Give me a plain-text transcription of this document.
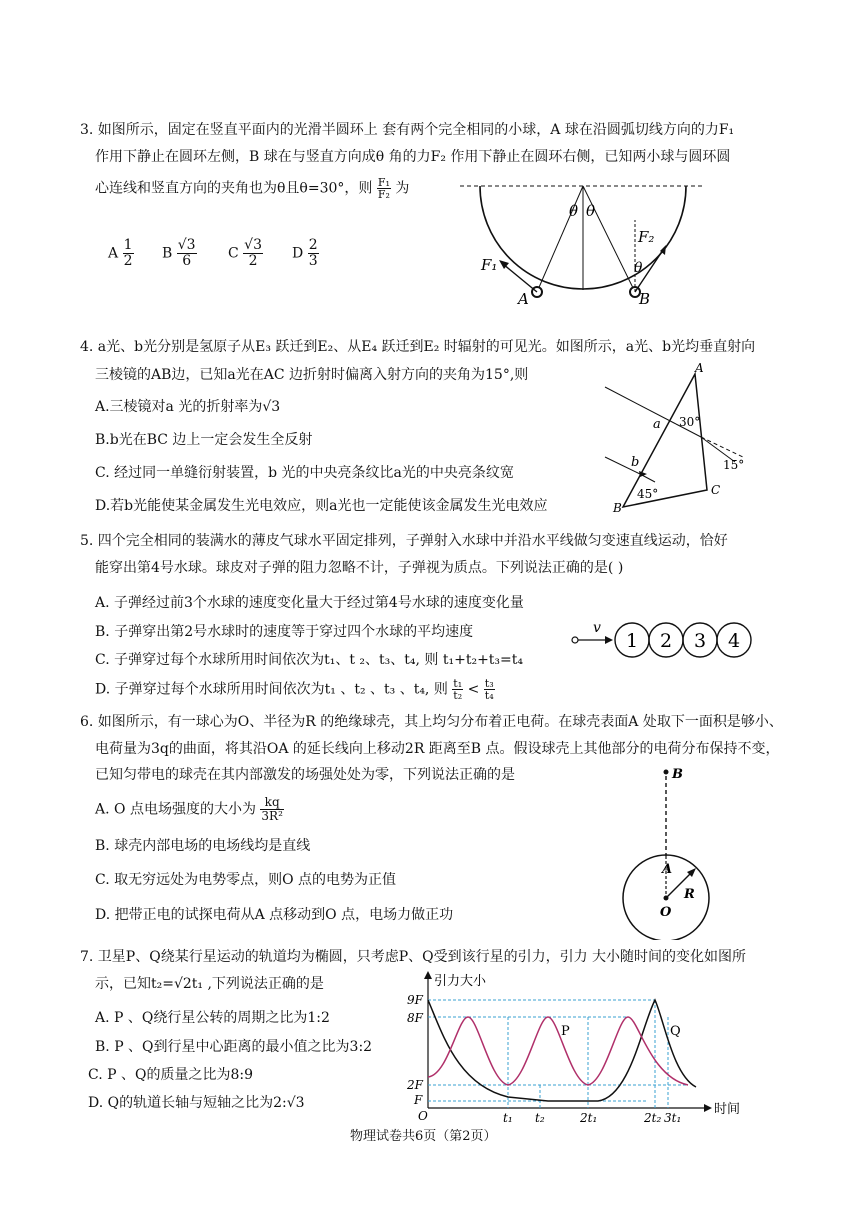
3. 如图所示，固定在竖直平面内的光滑半圆环上 套有两个完全相同的小球，A 球在沿圆弧切线方向的力F₁
作用下静止在圆环左侧，B 球在与竖直方向成θ 角的力F₂ 作用下静止在圆环右侧，已知两小球与圆环圆
心连线和竖直方向的夹角也为θ且θ=30°，则 $\frac{\text{F₁}}{\text{F₂}}$ 为
A $\frac{1}{2}$ B $\frac{√3}{6}$ C $\frac{√3}{2}$ D $\frac{2}{3}$
θ θ
θ
F₁
F₂
A	B
4. a光、b光分别是氢原子从E₃ 跃迁到E₂、从E₄ 跃迁到E₂ 时辐射的可见光。如图所示，a光、b光均垂直射向
三棱镜的AB边，已知a光在AC 边折射时偏离入射方向的夹角为15°,则
A.三棱镜对a 光的折射率为√3
B.b光在BC 边上一定会发生全反射
C. 经过同一单缝衍射装置，b 光的中央亮条纹比a光的中央亮条纹宽
D.若b光能使某金属发生光电效应，则a光也一定能使该金属发生光电效应
a
b
A
B
C
30°
45°
15°
5. 四个完全相同的装满水的薄皮气球水平固定排列，子弹射入水球中并沿水平线做匀变速直线运动，恰好
能穿出第4号水球。球皮对子弹的阻力忽略不计，子弹视为质点。下列说法正确的是( )
A. 子弹经过前3个水球的速度变化量大于经过第4号水球的速度变化量
B. 子弹穿出第2号水球时的速度等于穿过四个水球的平均速度
C. 子弹穿过每个水球所用时间依次为t₁、t ₂、t₃、t₄, 则 t₁+t₂+t₃=t₄
D. 子弹穿过每个水球所用时间依次为t₁ 、t₂ 、t₃ 、t₄, 则 $\frac{\text{t₁}}{\text{t₂}} < \frac{\text{t₃}}{\text{t₄}}$
v
1 2 3 4
6. 如图所示，有一球心为O、半径为R 的绝缘球壳，其上均匀分布着正电荷。在球壳表面A 处取下一面积是够小、
电荷量为3q的曲面，将其沿OA 的延长线向上移动2R 距离至B 点。假设球壳上其他部分的电荷分布保持不变，
已知匀带电的球壳在其内部激发的场强处处为零，下列说法正确的是
A. O 点电场强度的大小为 $\frac{kq}{\text{3R²}}$
B. 球壳内部电场的电场线均是直线
C. 取无穷远处为电势零点，则O 点的电势为正值
D. 把带正电的试探电荷从A 点移动到O 点，电场力做正功
B
A
O
R
7. 卫星P、Q绕某行星运动的轨道均为椭圆，只考虑P、Q受到该行星的引力，引力 大小随时间的变化如图所
示，已知t₂=√2t₁ ,下列说法正确的是
A. P 、Q绕行星公转的周期之比为1:2
B. P 、Q到行星中心距离的最小值之比为3:2
C. P 、Q的质量之比为8:9
D. Q的轨道长轴与短轴之比为2:√3
引力大小
时间
9F
8F
2F
F
O
P	Q
t₁ t₂	2t₁	2t₂ 3t₁
物理试卷共6页（第2页）
